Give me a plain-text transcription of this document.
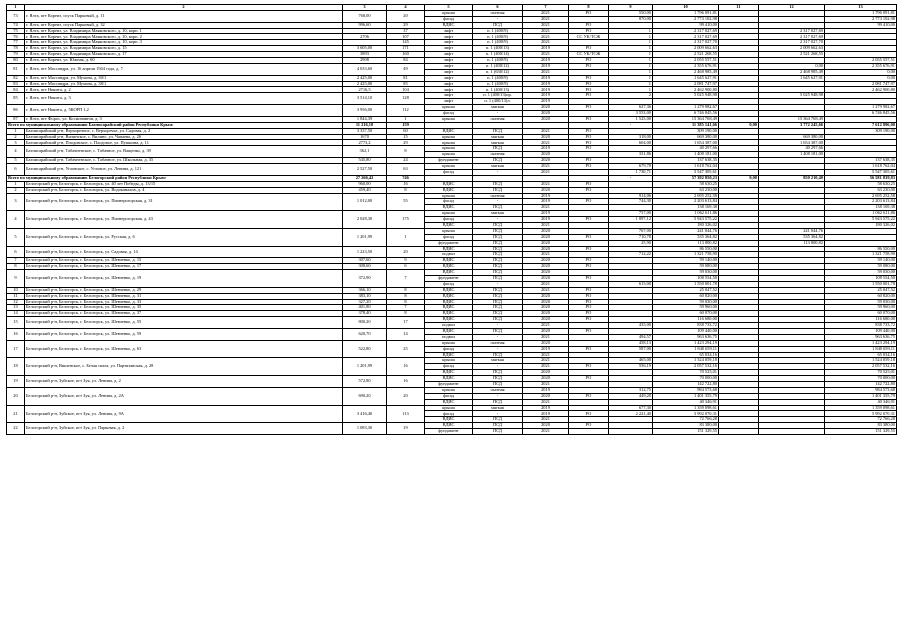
1	2	3	4	5	6	7	8	9	10	11	12	13
73	г. Ялта, пгт Кореиз, спуск Парковый, д. 11	768,00	20	крыша	скатная	2021	РО	550,00	1 796 091,81			1 796 091,81
				фасад	-	2021		870,00	2 773 102,98			2 773 102,98
74	г. Ялта, пгт Кореиз, спуск Парковый, д. 32	996,60	29	ВДИС	ПСД	2021	РО		99 410,00			99 410,00
75	г. Ялта, пгт Кореиз, ул. Владимира Маяковского, д. 10, корп. 1		37	лифт	п. 1 (400/9)	2021	РО	1	2 317 027,69		2 317 027,69	
76	г. Ялта, пгт Кореиз, ул. Владимира Маяковского, д. 10, корп. 2	2706	107	лифт	п. 1 (400/9)	2021	СС УК/ТСЖ	1	2 317 027,69		2 317 027,69	
77	г. Ялта, пгт Кореиз, ул. Владимира Маяковского, д. 10, корп. 3		145	лифт	п. 1 (400/9)	2021		1	2 317 027,70		2 317 027,70	
78	г. Ялта, пгт Кореиз, ул. Владимира Маяковского, д. 15	3 605,00	171	лифт	п. 1 (400/13)	2019	РО	1	2 009 662,63		2 009 662,63	
79	г. Ялта, пгт Кореиз, ул. Владимира Маяковского, д. 17	3893	160	лифт	п. 1 (400/14)	2021	СС УК/ТСЖ	1	2 521 268,55		2 521 268,55	
80	г. Ялта, пгт Кореиз, ул. Южная, д. 60	2908	84	лифт	п. 1 (400/9)	2019	РО	1	2 055 557,51			2 055 557,51
81	г. Ялта, пгт Массандра, ул. 16 апреля 1944 года, д. 7	4 033,60	49	лифт	п. 1 (400/12)	2019	РО	1	2 355 676,91		0,00	2 355 676,91
				лифт	п. 1 (630/12)	2021		1	2 468 985,49		2 468 985,49	0,00
82	г. Ялта, пгт Массандра, ул. Мухина, д. 30/1	2 425,00	81	лифт	п. 1 (400/9)	2019	РО	1	1 645 627,91		1 645 627,91	0,00
83	г. Ялта, пгт Массандра, ул. Мухина, д. 38/1	2 425,00	85	лифт	п. 1 (400/9)	2019	РО	1	2 081 747,97			2 081 747,97
84	г. Ялта, пгт Никита, д. 2	2716,5	104	лифт	п. 1 (400/13)	2019	РО	1	2 462 900,80			2 462 900,80
85	г. Ялта, пгт Никита, д. 3	3 514,10	128	лифт	п. 1 (400/13)пр.	2019	РО	2	5 025 948,98		5 025 948,98	
				лифт	п. 1 (400/13)л.	2019						
86	г. Ялта, пгт Никита, д. 5КОРП 1,2	3 956,00	112	крыша	мягкая	2020	РО	627,36	1 279 982,67			1 279 982,67
				фасад	-	2020		3 553,00	6 746 845,56			6 746 845,56
87	г. Ялта, пгт Форос, ул. Космонавтов, д. 3	1 844,39	1	крыша	скатная	2020	РО	1 525,00	15 364 768,49		15 364 768,49	
Всего по муниципальному образованию Бахчисарайский район Республики Крым:		11 216,10	159					-	11 385 141,66	0,00	3 772 245,66	7 612 896,00
1	Бахчисарайский р-н, Верхоречное, с. Верхоречье, ул. Садовая, д. 2	3 337,50	60	ВДИС	ПСД	2021	РО		309 190,00			309 190,00
2	Бахчисарайский р-н, Вилинское, с. Вилино, ул. Чапаева, д. 26	1670	15	крыша	мягкая	2020	РО	318,00	669 380,00		669 380,00	
3	Бахчисарайский р-н, Плодовское, с. Плодовое, ул. Пушкина, д. 11	2773,2	29	крыша	мягкая	2021	РО	604,00	1 654 387,00		1 654 387,00	
4	Бахчисарайский р-н, Табачненское, с. Табачное, ул. Ващенко, д. 39	362,1	8	крыша	ПСД	2019	РО		40 297,66		40 297,66	
				крыша	скатная	2020		331,86	1 408 181,00		1 408 181,00	
5	Бахчисарайский р-н, Табачненское, с. Табачное, ул. Школьная, д. 35	545,80	24	фундамент	ПСД	2020	РО		137 638,35			137 638,35
6	Бахчисарайский р-н, Угловское, с. Угловое, ул. Ленина, д. 121	2 527,50	63	крыша	мягкая	2021	РО	679,78	1 618 762,04			1 618 762,04
				фасад	-	2021		1 730,71	5 547 305,61			5 547 305,61
Всего по муниципальному образованию Белогорский район Республики Крым:		27 266,42	746					-	57 392 850,23	0,00	850 210,40	56 581 839,83
1	Белогорский р-н, Белогорск, г. Белогорск, ул. 40 лет Победы, д. 13/15	960,00	16	ВДИС	ПСД	2021	РО		58 630,25			58 630,25
2	Белогорский р-н, Белогорск, г. Белогорск, ул. Водоканалов, д. 4	459,40	8	ВДИС	ПСД	2020	РО		63 230,00			63 230,00
3	Белогорский р-н, Белогорск, г. Белогорск, ул. Пионерогорская, д. 31	1 012,00	55	крыша	скатная	2019		914,06	2 695 252,58			2 695 252,58
				фасад	-	2019	РО	744,30	2 203 613,84			2 203 613,84
				ВДИС	ПСД	2021			138 169,38			138 169,38
4	Белогорский р-н, Белогорск, г. Белогорск, ул. Пионерогорская, д. 43	2 028,30	175	крыша	мягкая	2019		757,00	1 062 611,86			1 062 611,86
				фасад	-	2019	РО	1 897,12	5 943 575,22			5 943 575,22
				ВДИС	ПСД	2021			180 326,02			180 326,02
5	Белогорский р-н, Белогорск, г. Белогорск, ул. Русская, д. 6	1 201,99	1	крыша	ПСД	2020		767,00	241 044,76		241 044,76	
				фасад	ПСД	2020	РО	710,78	535 364,82		535 364,82	
				фундамент	ПСД	2020		25,90	113 800,82		113 800,82	
6	Белогорский р-н, Белогорск, г. Белогорск, ул. Садовая, д. 14	1 223,50	20	ВДИС	ПСД	2020	РО		86 550,00			86 550,00
				подвал	ПСД	2021		712,22	1 321 758,90			1 321 758,90
7	Белогорский р-н, Белогорск, г. Белогорск, ул. Шевченко, д. 15	307,60	9	ВДИС	ПСД	2020	РО		59 140,00			59 140,00
8	Белогорский р-н, Белогорск, г. Белогорск, ул. Шевченко, д. 17	308,60	6	ВДИС	ПСД	2020	РО		59 080,00			59 080,00
9	Белогорский р-н, Белогорск, г. Белогорск, ул. Шевченко, д. 19	372,90	7	ВДИС	ПСД	2020			59 030,00			59 030,00
				фундамент	ПСД	2020	РО		108 554,50			108 554,50
				фасад	-	2021		615,00	1 550 001,78			1 550 001,78
10	Белогорский р-н, Белогорск, г. Белогорск, ул. Шевченко, д. 29	366,10	8	ВДИС	ПСД	2021	РО		25 047,52			25 047,52
11	Белогорский р-н, Белогорск, г. Белогорск, ул. Шевченко, д. 31	383,10	8	ВДИС	ПСД	2020	РО		60 820,00			60 820,00
12	Белогорский р-н, Белогорск, г. Белогорск, ул. Шевченко, д. 33	327,20	8	ВДИС	ПСД	2020	РО		59 030,00			59 030,00
13	Белогорский р-н, Белогорск, г. Белогорск, ул. Шевченко, д. 35	401,80	7	ВДИС	ПСД	2020	РО		59 960,00			59 960,00
14	Белогорский р-н, Белогорск, г. Белогорск, ул. Шевченко, д. 37	378,40	8	ВДИС	ПСД	2020	РО		60 070,00			60 070,00
15	Белогорский р-н, Белогорск, г. Белогорск, ул. Шевченко, д. 55	800,20	17	ВДИС	ПСД	2020	РО		116 680,00			116 680,00
				подвал	-	2021		435,00	838 733,72			838 733,72
16	Белогорский р-н, Белогорск, г. Белогорск, ул. Шевченко, д. 59	620,70	14	ВДИС	ПСД	2020	РО		109 440,00			109 440,00
				подвал	-	2021		494,57	963 636,75			963 636,75
17	Белогорский р-н, Белогорск, г. Белогорск, ул. Шевченко, д. 63	522,80	25	крыша	скатная	2020		458,13	1 423 294,19			1 423 294,19
				фасад	-	2019	РО	587,00	1 840 659,11			1 840 659,11
				ВДИС	ПСД	2021			65 034,16			65 034,16
18	Белогорский р-н, Вишенское, с. Белая скала, ул. Партизанская, д. 28	1 201,99	16	крыша	мягкая	2021		465,00	1 524 059,18			1 524 059,18
				фасад	-	2021	РО	556,19	2 057 532,16			2 057 532,16
				ВДИС	ПСД	2020			70 525,01			70 525,01
19	Белогорский р-н, Зуйское, пгт Зуя, ул. Ленина, д. 2	572,80	16	ВДИС	ПСД	2020	РО		70 000,00			70 000,00
				фундамент	ПСД	2021			142 722,80			142 722,80
20	Белогорский р-н, Зуйское, пгт Зуя, ул. Ленина, д. 2А	690,20	20	крыша	скатная	2019		312,75	984 573,68			984 573,68
				фасад	-	2020	РО	449,20	1 401 355,79			1 401 355,79
				ВДИС	ПСД	2021			40 346,91			40 346,91
21	Белогорский р-н, Зуйское, пгт Зуя, ул. Ленина, д. 9А	3 416,40	113	крыша	мягкая	2019		677,30	1 359 098,61			1 359 098,61
				фасад	-	2019	РО	2 221,40	5 992 070,31			5 992 070,31
				ВДИС	ПСД	2021			72 766,28			72 766,28
22	Белогорский р-н, Зуйское, пгт Зуя, ул. Парковая, д. 2	1 083,30	19	ВДИС	ПСД	2020	РО		83 380,00			83 380,00
				фундамент	ПСД	2021			151 329,55			151 329,55
